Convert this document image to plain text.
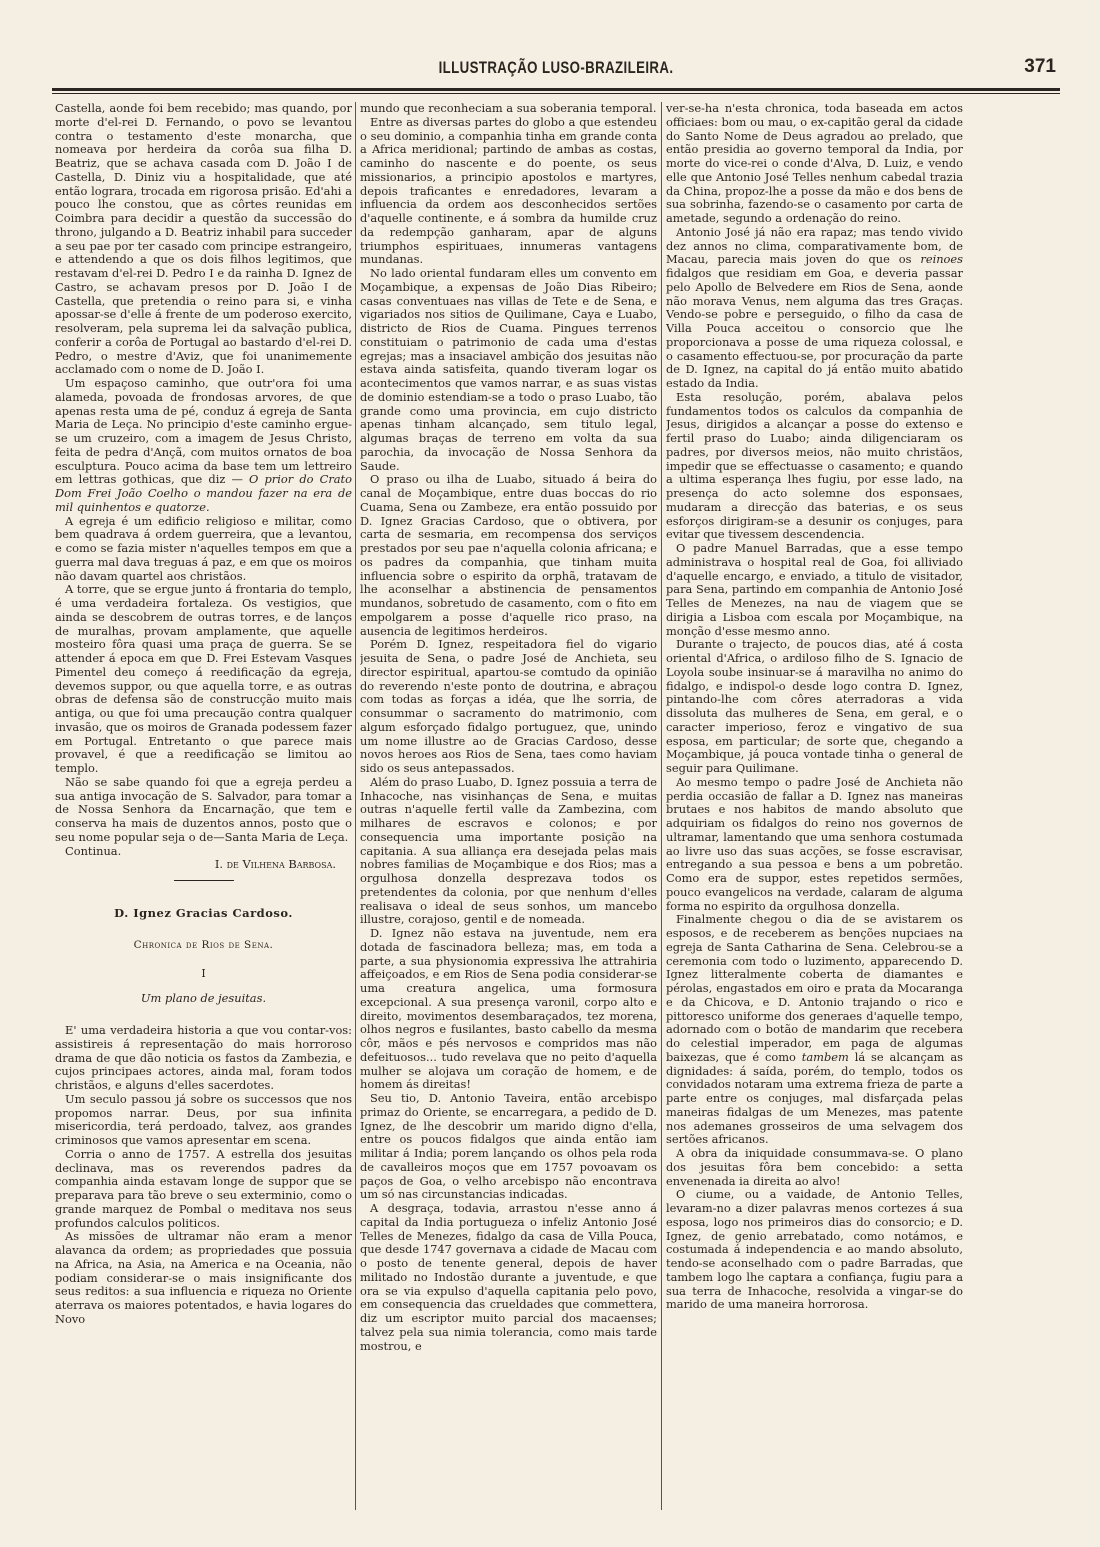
ILLUSTRAÇÃO LUSO-BRAZILEIRA.	371

Castella, aonde foi bem recebido; mas quando, por morte d'el-rei D. Fernando, o povo se levantou contra o testamento d'este monarcha, que nomeava por herdeira da corôa sua filha D. Beatriz, que se achava casada com D. João I de Castella, D. Diniz viu a hospitalidade, que até então lograra, trocada em rigorosa prisão. Ed'ahi a pouco lhe constou, que as côrtes reunidas em Coimbra para decidir a questão da successão do throno, julgando a D. Beatriz inhabil para succeder a seu pae por ter casado com principe estrangeiro, e attendendo a que os dois filhos legitimos, que restavam d'el-rei D. Pedro I e da rainha D. Ignez de Castro, se achavam presos por D. João I de Castella, que pretendia o reino para si, e vinha apossar-se d'elle á frente de um poderoso exercito, resolveram, pela suprema lei da salvação publica, conferir a corôa de Portugal ao bastardo d'el-rei D. Pedro, o mestre d'Aviz, que foi unanimemente acclamado com o nome de D. João I.

Um espaçoso caminho, que outr'ora foi uma alameda, povoada de frondosas arvores, de que apenas resta uma de pé, conduz á egreja de Santa Maria de Leça. No principio d'este caminho ergue-se um cruzeiro, com a imagem de Jesus Christo, feita de pedra d'Ançã, com muitos ornatos de boa esculptura. Pouco acima da base tem um lettreiro em lettras gothicas, que diz — O prior do Crato Dom Frei João Coelho o mandou fazer na era de mil quinhentos e quatorze.

A egreja é um edificio religioso e militar, como bem quadrava á ordem guerreira, que a levantou, e como se fazia mister n'aquelles tempos em que a guerra mal dava treguas á paz, e em que os moiros não davam quartel aos christãos.

A torre, que se ergue junto á frontaria do templo, é uma verdadeira fortaleza. Os vestigios, que ainda se descobrem de outras torres, e de lanços de muralhas, provam amplamente, que aquelle mosteiro fôra quasi uma praça de guerra. Se se attender á epoca em que D. Frei Estevam Vasques Pimentel deu começo á reedificação da egreja, devemos suppor, ou que aquella torre, e as outras obras de defensa são de construcção muito mais antiga, ou que foi uma precaução contra qualquer invasão, que os moiros de Granada podessem fazer em Portugal. Entretanto o que parece mais provavel, é que a reedificação se limitou ao templo.

Não se sabe quando foi que a egreja perdeu a sua antiga invocação de S. Salvador, para tomar a de Nossa Senhora da Encarnação, que tem e conserva ha mais de duzentos annos, posto que o seu nome popular seja o de—Santa Maria de Leça.

Continua.

I. de Vilhena Barbosa.

D. Ignez Gracias Cardoso.

Chronica de Rios de Sena.

I

Um plano de jesuitas.

E' uma verdadeira historia a que vou contar-vos: assistireis á representação do mais horroroso drama de que dão noticia os fastos da Zambezia, e cujos principaes actores, ainda mal, foram todos christãos, e alguns d'elles sacerdotes.

Um seculo passou já sobre os successos que nos propomos narrar. Deus, por sua infinita misericordia, terá perdoado, talvez, aos grandes criminosos que vamos apresentar em scena.

Corria o anno de 1757. A estrella dos jesuitas declinava, mas os reverendos padres da companhia ainda estavam longe de suppor que se preparava para tão breve o seu exterminio, como o grande marquez de Pombal o meditava nos seus profundos calculos politicos.

As missões de ultramar não eram a menor alavanca da ordem; as propriedades que possuia na Africa, na Asia, na America e na Oceania, não podiam considerar-se o mais insignificante dos seus reditos: a sua influencia e riqueza no Oriente aterrava os maiores potentados, e havia logares do Novo

mundo que reconheciam a sua soberania temporal.

Entre as diversas partes do globo a que estendeu o seu dominio, a companhia tinha em grande conta a Africa meridional; partindo de ambas as costas, caminho do nascente e do poente, os seus missionarios, a principio apostolos e martyres, depois traficantes e enredadores, levaram a influencia da ordem aos desconhecidos sertões d'aquelle continente, e á sombra da humilde cruz da redempção ganharam, apar de alguns triumphos espirituaes, innumeras vantagens mundanas.

No lado oriental fundaram elles um convento em Moçambique, a expensas de João Dias Ribeiro; casas conventuaes nas villas de Tete e de Sena, e vigariados nos sitios de Quilimane, Caya e Luabo, districto de Rios de Cuama. Pingues terrenos constituiam o patrimonio de cada uma d'estas egrejas; mas a insaciavel ambição dos jesuitas não estava ainda satisfeita, quando tiveram logar os acontecimentos que vamos narrar, e as suas vistas de dominio estendiam-se a todo o praso Luabo, tão grande como uma provincia, em cujo districto apenas tinham alcançado, sem titulo legal, algumas braças de terreno em volta da sua parochia, da invocação de Nossa Senhora da Saude.

O praso ou ilha de Luabo, situado á beira do canal de Moçambique, entre duas boccas do rio Cuama, Sena ou Zambeze, era então possuido por D. Ignez Gracias Cardoso, que o obtivera, por carta de sesmaria, em recompensa dos serviços prestados por seu pae n'aquella colonia africana; e os padres da companhia, que tinham muita influencia sobre o espirito da orphã, tratavam de lhe aconselhar a abstinencia de pensamentos mundanos, sobretudo de casamento, com o fito em empolgarem a posse d'aquelle rico praso, na ausencia de legitimos herdeiros.

Porém D. Ignez, respeitadora fiel do vigario jesuita de Sena, o padre José de Anchieta, seu director espiritual, apartou-se comtudo da opinião do reverendo n'este ponto de doutrina, e abraçou com todas as forças a idéa, que lhe sorria, de consummar o sacramento do matrimonio, com algum esforçado fidalgo portuguez, que, unindo um nome illustre ao de Gracias Cardoso, desse novos heroes aos Rios de Sena, taes como haviam sido os seus antepassados.

Além do praso Luabo, D. Ignez possuia a terra de Inhacoche, nas visinhanças de Sena, e muitas outras n'aquelle fertil valle da Zambezina, com milhares de escravos e colonos; e por consequencia uma importante posição na capitania. A sua alliança era desejada pelas mais nobres familias de Moçambique e dos Rios; mas a orgulhosa donzella desprezava todos os pretendentes da colonia, por que nenhum d'elles realisava o ideal de seus sonhos, um mancebo illustre, corajoso, gentil e de nomeada.

D. Ignez não estava na juventude, nem era dotada de fascinadora belleza; mas, em toda a parte, a sua physionomia expressiva lhe attrahiria affeiçoados, e em Rios de Sena podia considerar-se uma creatura angelica, uma formosura excepcional. A sua presença varonil, corpo alto e direito, movimentos desembaraçados, tez morena, olhos negros e fusilantes, basto cabello da mesma côr, mãos e pés nervosos e compridos mas não defeituosos... tudo revelava que no peito d'aquella mulher se alojava um coração de homem, e de homem ás direitas!

Seu tio, D. Antonio Taveira, então arcebispo primaz do Oriente, se encarregara, a pedido de D. Ignez, de lhe descobrir um marido digno d'ella, entre os poucos fidalgos que ainda então iam militar á India; porem lançando os olhos pela roda de cavalleiros moços que em 1757 povoavam os paços de Goa, o velho arcebispo não encontrava um só nas circunstancias indicadas.

A desgraça, todavia, arrastou n'esse anno á capital da India portugueza o infeliz Antonio José Telles de Menezes, fidalgo da casa de Villa Pouca, que desde 1747 governava a cidade de Macau com o posto de tenente general, depois de haver militado no Indostão durante a juventude, e que ora se via expulso d'aquella capitania pelo povo, em consequencia das crueldades que commettera, diz um escriptor muito parcial dos macaenses; talvez pela sua nimia tolerancia, como mais tarde mostrou, e

ver-se-ha n'esta chronica, toda baseada em actos officiaes: bom ou mau, o ex-capitão geral da cidade do Santo Nome de Deus agradou ao prelado, que então presidia ao governo temporal da India, por morte do vice-rei o conde d'Alva, D. Luiz, e vendo elle que Antonio José Telles nenhum cabedal trazia da China, propoz-lhe a posse da mão e dos bens de sua sobrinha, fazendo-se o casamento por carta de ametade, segundo a ordenação do reino.

Antonio José já não era rapaz; mas tendo vivido dez annos no clima, comparativamente bom, de Macau, parecia mais joven do que os reinoes fidalgos que residiam em Goa, e deveria passar pelo Apollo de Belvedere em Rios de Sena, aonde não morava Venus, nem alguma das tres Graças. Vendo-se pobre e perseguido, o filho da casa de Villa Pouca acceitou o consorcio que lhe proporcionava a posse de uma riqueza colossal, e o casamento effectuou-se, por procuração da parte de D. Ignez, na capital do já então muito abatido estado da India.

Esta resolução, porém, abalava pelos fundamentos todos os calculos da companhia de Jesus, dirigidos a alcançar a posse do extenso e fertil praso do Luabo; ainda diligenciaram os padres, por diversos meios, não muito christãos, impedir que se effectuasse o casamento; e quando a ultima esperança lhes fugiu, por esse lado, na presença do acto solemne dos esponsaes, mudaram a direcção das baterias, e os seus esforços dirigiram-se a desunir os conjuges, para evitar que tivessem descendencia.

O padre Manuel Barradas, que a esse tempo administrava o hospital real de Goa, foi alliviado d'aquelle encargo, e enviado, a titulo de visitador, para Sena, partindo em companhia de Antonio José Telles de Menezes, na nau de viagem que se dirigia a Lisboa com escala por Moçambique, na monção d'esse mesmo anno.

Durante o trajecto, de poucos dias, até á costa oriental d'Africa, o ardiloso filho de S. Ignacio de Loyola soube insinuar-se á maravilha no animo do fidalgo, e indispol-o desde logo contra D. Ignez, pintando-lhe com côres aterradoras a vida dissoluta das mulheres de Sena, em geral, e o caracter imperioso, feroz e vingativo de sua esposa, em particular; de sorte que, chegando a Moçambique, já pouca vontade tinha o general de seguir para Quilimane.

Ao mesmo tempo o padre José de Anchieta não perdia occasião de fallar a D. Ignez nas maneiras brutaes e nos habitos de mando absoluto que adquiriam os fidalgos do reino nos governos de ultramar, lamentando que uma senhora costumada ao livre uso das suas acções, se fosse escravisar, entregando a sua pessoa e bens a um pobretão. Como era de suppor, estes repetidos sermões, pouco evangelicos na verdade, calaram de alguma forma no espirito da orgulhosa donzella.

Finalmente chegou o dia de se avistarem os esposos, e de receberem as benções nupciaes na egreja de Santa Catharina de Sena. Celebrou-se a ceremonia com todo o luzimento, apparecendo D. Ignez litteralmente coberta de diamantes e pérolas, engastados em oiro e prata da Mocaranga e da Chicova, e D. Antonio trajando o rico e pittoresco uniforme dos generaes d'aquelle tempo, adornado com o botão de mandarim que recebera do celestial imperador, em paga de algumas baixezas, que é como tambem lá se alcançam as dignidades: á saída, porém, do templo, todos os convidados notaram uma extrema frieza de parte a parte entre os conjuges, mal disfarçada pelas maneiras fidalgas de um Menezes, mas patente nos ademanes grosseiros de uma selvagem dos sertões africanos.

A obra da iniquidade consummava-se. O plano dos jesuitas fôra bem concebido: a setta envenenada ia direita ao alvo!

O ciume, ou a vaidade, de Antonio Telles, levaram-no a dizer palavras menos cortezes á sua esposa, logo nos primeiros dias do consorcio; e D. Ignez, de genio arrebatado, como notámos, e costumada á independencia e ao mando absoluto, tendo-se aconselhado com o padre Barradas, que tambem logo lhe captara a confiança, fugiu para a sua terra de Inhacoche, resolvida a vingar-se do marido de uma maneira horrorosa.
